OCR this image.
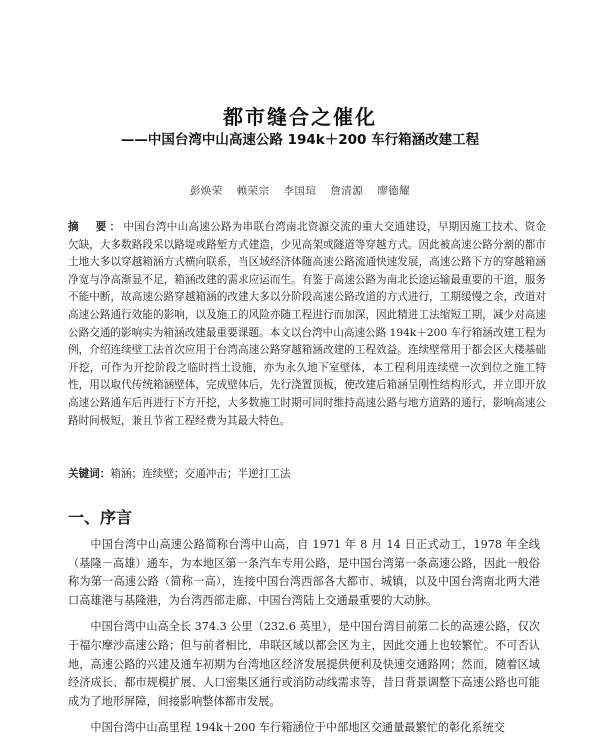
都市缝合之催化
——中国台湾中山高速公路 194k＋200 车行箱涵改建工程
彭焕荣 赖荣宗 李国瑄 詹清源 廖德耀
摘　要：中国台湾中山高速公路为串联台湾南北资源交流的重大交通建设，早期因施工技术、资金欠缺，大多数路段采以路堤或路堑方式建造，少见高架或隧道等穿越方式。因此被高速公路分割的都市土地大多以穿越箱涵方式横向联系，当区域经济体随高速公路流通快速发展，高速公路下方的穿越箱涵净宽与净高渐显不足，箱涵改建的需求应运而生。有鉴于高速公路为南北长途运输最重要的干道，服务不能中断，故高速公路穿越箱涵的改建大多以分阶段高速公路改道的方式进行，工期缓慢之余，改道对高速公路通行效能的影响，以及施工的风险亦随工程进行而加深，因此精进工法缩短工期，减少对高速公路交通的影响实为箱涵改建最重要课题。本文以台湾中山高速公路 194k＋200 车行箱涵改建工程为例，介绍连续壁工法首次应用于台湾高速公路穿越箱涵改建的工程效益。连续壁常用于都会区大楼基础开挖，可作为开挖阶段之临时挡土设施，亦为永久地下室壁体，本工程利用连续壁一次到位之施工特性，用以取代传统箱涵壁体，完成壁体后，先行浇置顶板，使改建后箱涵呈刚性结构形式，并立即开放高速公路通车后再进行下方开挖，大多数施工时期可同时维持高速公路与地方道路的通行，影响高速公路时间极短，兼且节省工程经费为其最大特色。
关键词：箱涵；连续壁；交通冲击；半逆打工法
一、序言

中国台湾中山高速公路简称台湾中山高，自 1971 年 8 月 14 日正式动工，1978 年全线（基隆－高雄）通车，为本地区第一条汽车专用公路，是中国台湾第一条高速公路，因此一般俗称为第一高速公路（简称一高），连接中国台湾西部各大都市、城镇，以及中国台湾南北两大港口高雄港与基隆港，为台湾西部走廊、中国台湾陆上交通最重要的大动脉。

中国台湾中山高全长 374.3 公里（232.6 英里），是中国台湾目前第二长的高速公路，仅次于福尔摩沙高速公路；但与前者相比，串联区域以都会区为主，因此交通上也较繁忙。不可否认地，高速公路的兴建及通车初期为台湾地区经济发展提供便利及快速交通路网；然而，随着区域经济成长、都市规模扩展、人口密集区通行或消防动线需求等，昔日背景调整下高速公路也可能成为了地形屏障，间接影响整体都市发展。

中国台湾中山高里程 194k＋200 车行箱涵位于中部地区交通量最繁忙的彰化系统交
